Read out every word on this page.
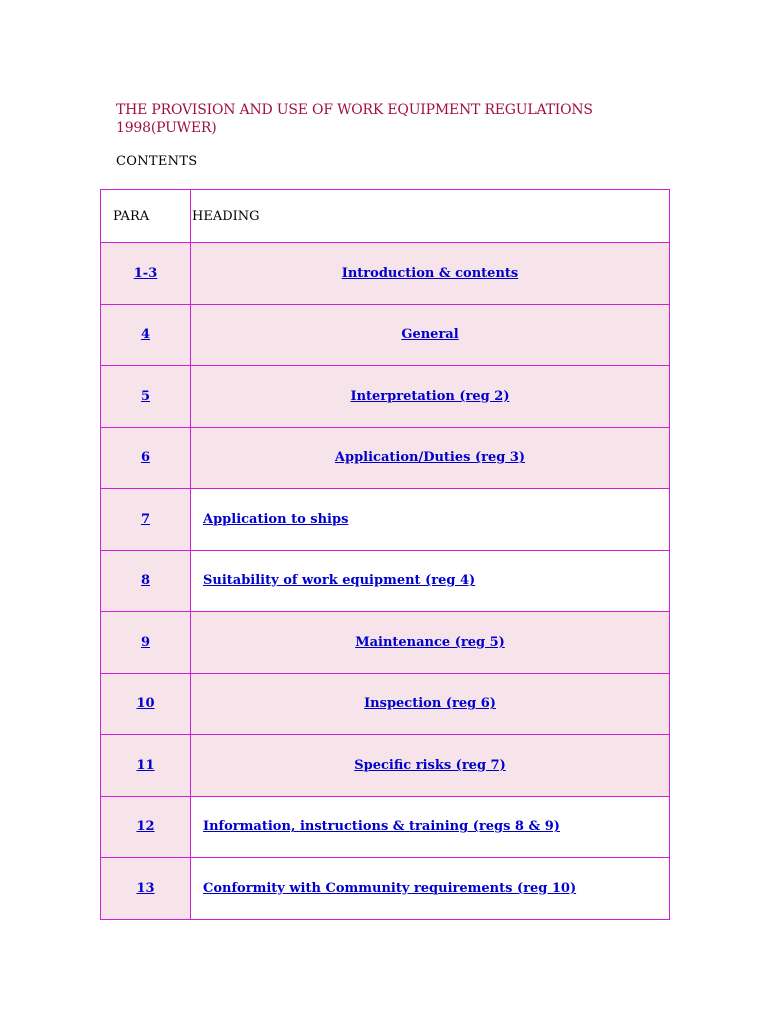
THE PROVISION AND USE OF WORK EQUIPMENT REGULATIONS 1998(PUWER)
CONTENTS
PARA	HEADING
1-3	Introduction & contents
4	General
5	Interpretation (reg 2)
6	Application/Duties (reg 3)
7	Application to ships
8	Suitability of work equipment (reg 4)
9	Maintenance (reg 5)
10	Inspection (reg 6)
11	Specific risks (reg 7)
12	Information, instructions & training (regs 8 & 9)
13	Conformity with Community requirements (reg 10)
